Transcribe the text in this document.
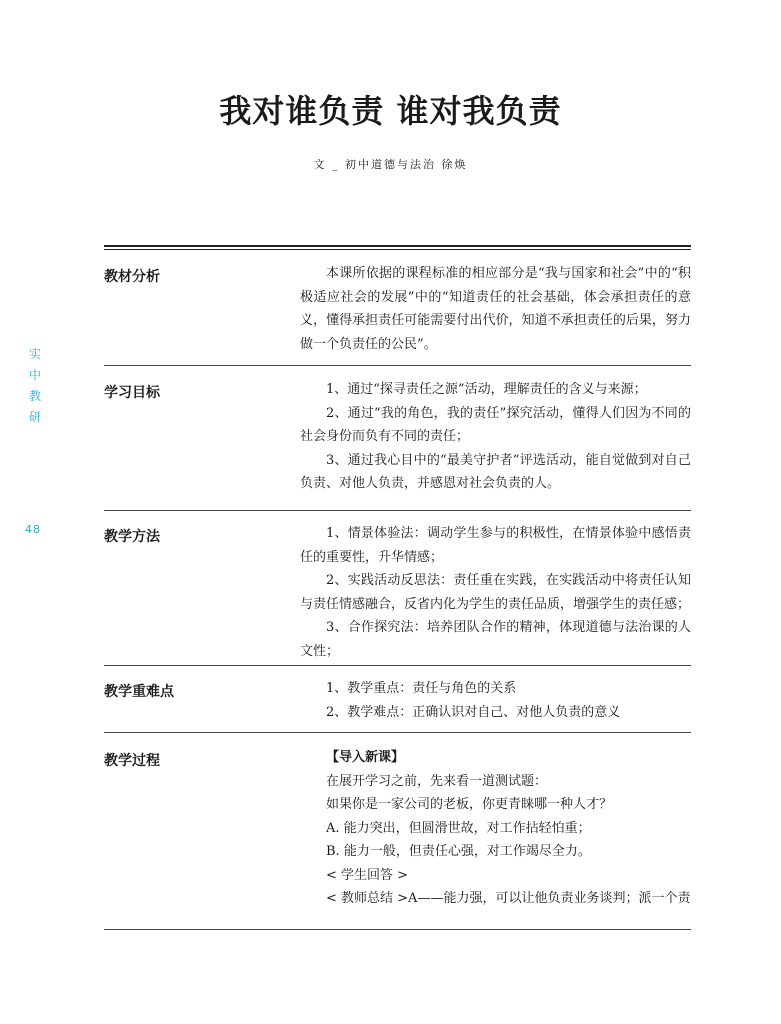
我对谁负责 谁对我负责
文 _ 初中道德与法治 徐焕
实
中
教
研
48
教材分析	本课所依据的课程标准的相应部分是“我与国家和社会”中的“积极适应社会的发展”中的“知道责任的社会基础，体会承担责任的意义，懂得承担责任可能需要付出代价，知道不承担责任的后果，努力做一个负责任的公民”。

学习目标	1、通过“探寻责任之源”活动，理解责任的含义与来源；

2、通过“我的角色，我的责任”探究活动，懂得人们因为不同的社会身份而负有不同的责任；

3、通过我心目中的“最美守护者”评选活动，能自觉做到对自己负责、对他人负责，并感恩对社会负责的人。

教学方法	1、情景体验法：调动学生参与的积极性，在情景体验中感悟责任的重要性，升华情感；

2、实践活动反思法：责任重在实践，在实践活动中将责任认知与责任情感融合，反省内化为学生的责任品质，增强学生的责任感；

3、合作探究法：培养团队合作的精神，体现道德与法治课的人文性；

教学重难点	1、教学重点：责任与角色的关系

2、教学难点：正确认识对自己、对他人负责的意义

教学过程	【导入新课】

在展开学习之前，先来看一道测试题：

如果你是一家公司的老板，你更青睐哪一种人才？

A. 能力突出，但圆滑世故，对工作拈轻怕重；

B. 能力一般，但责任心强，对工作竭尽全力。

< 学生回答 >

< 教师总结 >A——能力强，可以让他负责业务谈判；派一个责
